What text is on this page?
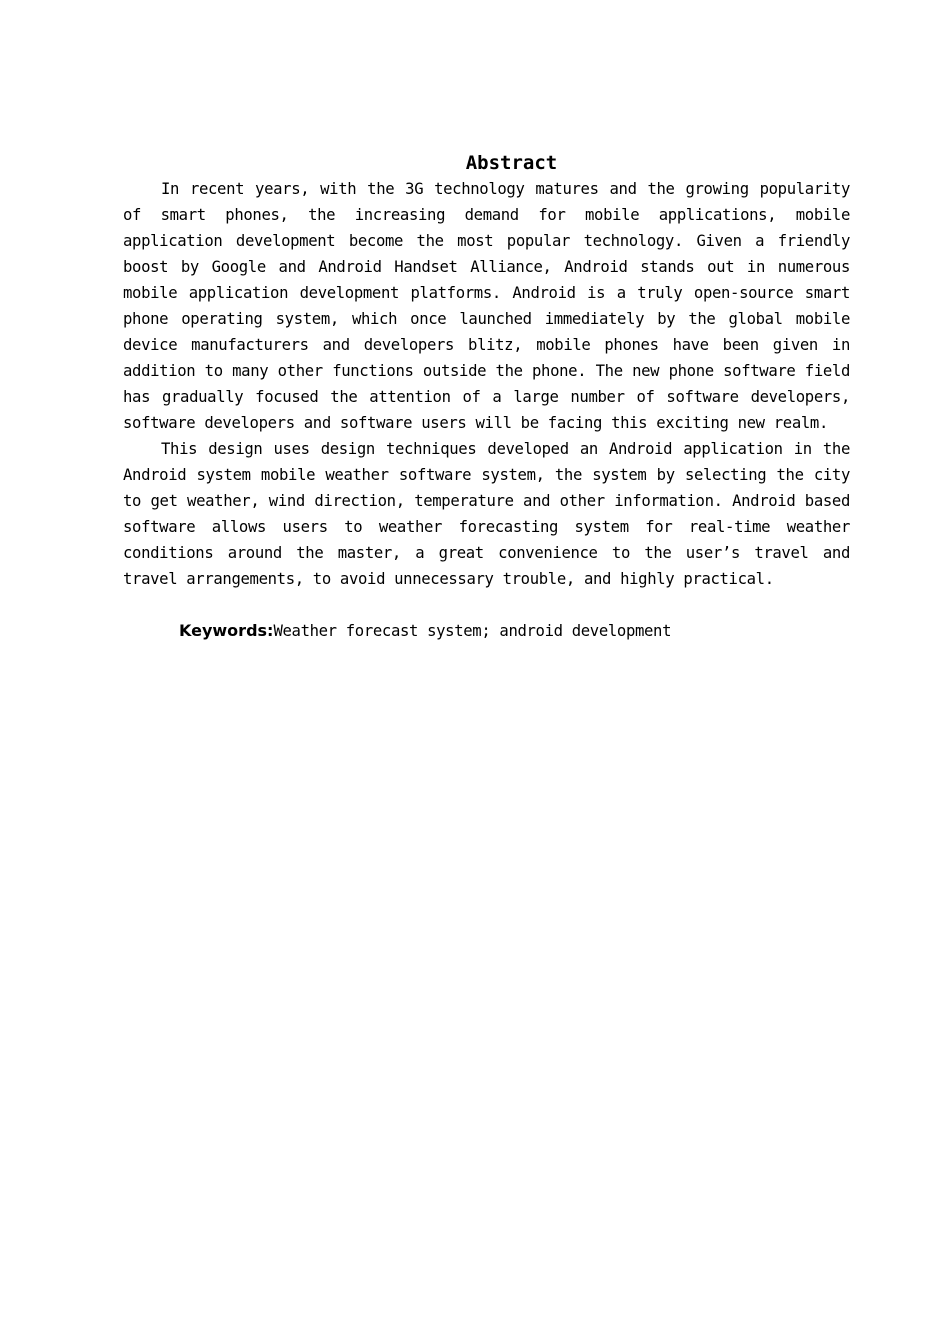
Abstract

In recent years, with the 3G technology matures and the growing popularity of smart phones, the increasing demand for mobile applications, mobile application development become the most popular technology. Given a friendly boost by Google and Android Handset Alliance, Android stands out in numerous mobile application development platforms. Android is a truly open-source smart phone operating system, which once launched immediately by the global mobile device manufacturers and developers blitz, mobile phones have been given in addition to many other functions outside the phone. The new phone software field has gradually focused the attention of a large number of software developers, software developers and software users will be facing this exciting new realm.

This design uses design techniques developed an Android application in the Android system mobile weather software system, the system by selecting the city to get weather, wind direction, temperature and other information. Android based software allows users to weather forecasting system for real-time weather conditions around the master, a great convenience to the user’s travel and travel arrangements, to avoid unnecessary trouble, and highly practical.

Keywords:Weather forecast system; android development
